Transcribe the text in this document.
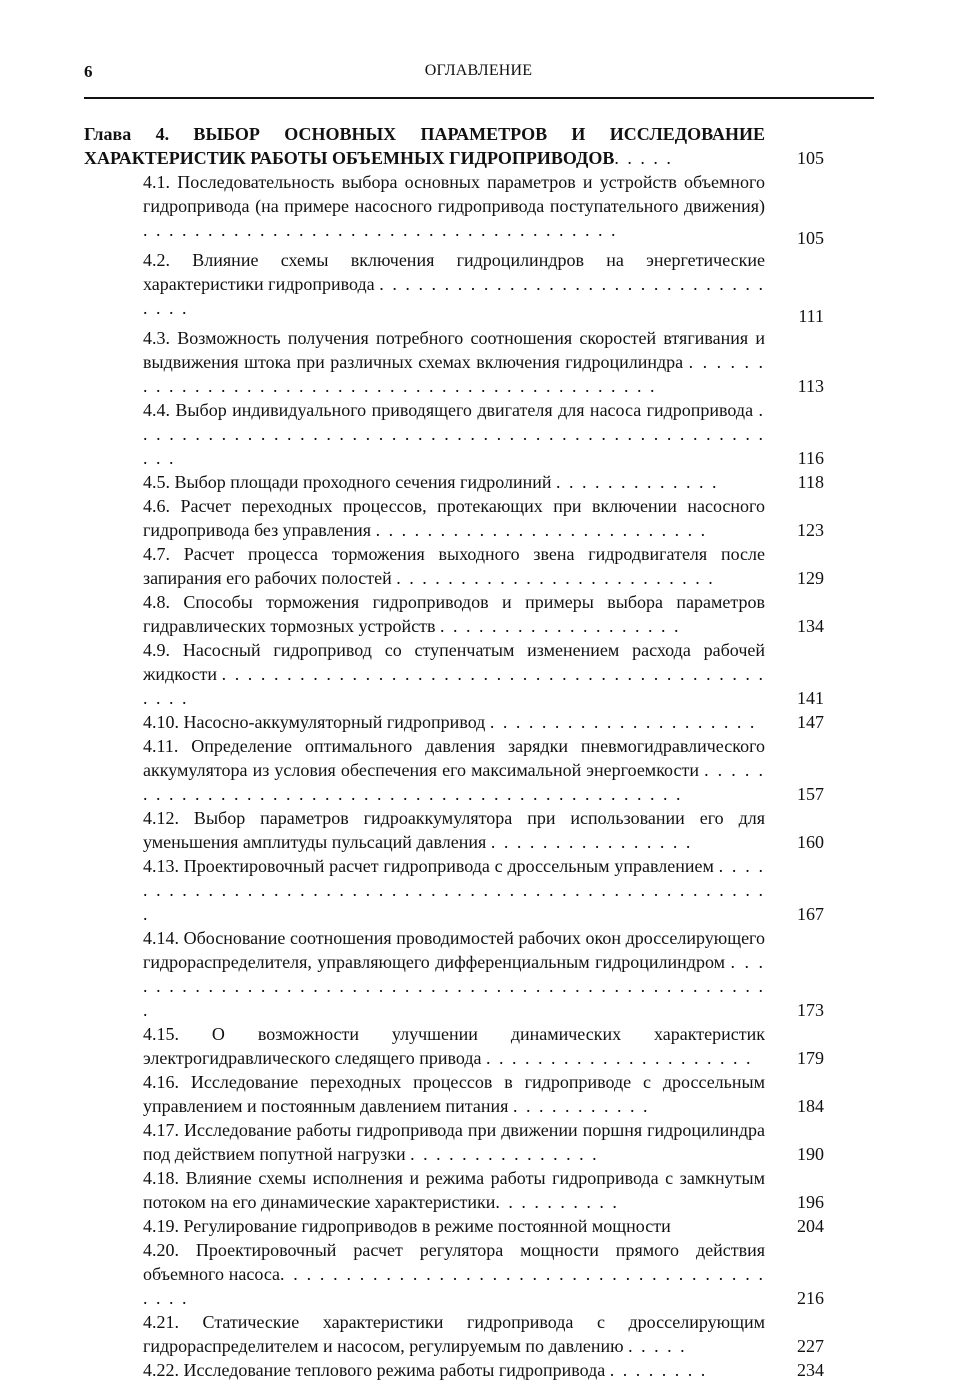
6	ОГЛАВЛЕНИЕ
Глава 4. ВЫБОР ОСНОВНЫХ ПАРАМЕТРОВ И ИССЛЕДОВАНИЕ ХАРАКТЕРИСТИК РАБОТЫ ОБЪЕМНЫХ ГИДРОПРИВОДОВ. . . . .	105
4.1. Последовательность выбора основных параметров и устройств объемного гидропривода (на примере насосного гидропривода поступательного движения) . . . . . . . . . . . . . . . . . . . . . . . . . . . . . . . . . . . . .	105
4.2. Влияние схемы включения гидроцилиндров на энергетические характеристики гидропривода . . . . . . . . . . . . . . . . . . . . . . . . . . . . . . . . . .	111
4.3. Возможность получения потребного соотношения скоростей втягивания и выдвижения штока при различных схемах включения гидроцилиндра . . . . . . . . . . . . . . . . . . . . . . . . . . . . . . . . . . . . . . . . . . . . . .	113
4.4. Выбор индивидуального приводящего двигателя для насоса гидропривода . . . . . . . . . . . . . . . . . . . . . . . . . . . . . . . . . . . . . . . . . . . . . . . . . . . .	116
4.5. Выбор площади проходного сечения гидролиний . . . . . . . . . . . . .	118
4.6. Расчет переходных процессов, протекающих при включении насосного гидропривода без управления . . . . . . . . . . . . . . . . . . . . . . . . . .	123
4.7. Расчет процесса торможения выходного звена гидродвигателя после запирания его рабочих полостей . . . . . . . . . . . . . . . . . . . . . . . . .	129
4.8. Способы торможения гидроприводов и примеры выбора параметров гидравлических тормозных устройств . . . . . . . . . . . . . . . . . . .	134
4.9. Насосный гидропривод со ступенчатым изменением расхода рабочей жидкости . . . . . . . . . . . . . . . . . . . . . . . . . . . . . . . . . . . . . . . . . . . . . .	141
4.10. Насосно-аккумуляторный гидропривод . . . . . . . . . . . . . . . . . . . . .	147
4.11. Определение оптимального давления зарядки пневмогидравлического аккумулятора из условия обеспечения его максимальной энергоемкости . . . . . . . . . . . . . . . . . . . . . . . . . . . . . . . . . . . . . . . . . . . . . . .	157
4.12. Выбор параметров гидроаккумулятора при использовании его для уменьшения амплитуды пульсаций давления . . . . . . . . . . . . . . . .	160
4.13. Проектировочный расчет гидропривода с дроссельным управлением . . . . . . . . . . . . . . . . . . . . . . . . . . . . . . . . . . . . . . . . . . . . . . . . . . . . .	167
4.14. Обоснование соотношения проводимостей рабочих окон дросселирующего гидрораспределителя, управляющего дифференциальным гидроцилиндром . . . . . . . . . . . . . . . . . . . . . . . . . . . . . . . . . . . . . . . . . . . . . . . . . . . .	173
4.15. О возможности улучшении динамических характеристик электрогидравлического следящего привода . . . . . . . . . . . . . . . . . . . . .	179
4.16. Исследование переходных процессов в гидроприводе с дроссельным управлением и постоянным давлением питания . . . . . . . . . . .	184
4.17. Исследование работы гидропривода при движении поршня гидроцилиндра под действием попутной нагрузки . . . . . . . . . . . . . . .	190
4.18. Влияние схемы исполнения и режима работы гидропривода с замкнутым потоком на его динамические характеристики. . . . . . . . . .	196
4.19. Регулирование гидроприводов в режиме постоянной мощности	204
4.20. Проектировочный расчет регулятора мощности прямого действия объемного насоса. . . . . . . . . . . . . . . . . . . . . . . . . . . . . . . . . . . . . . . . .	216
4.21. Статические характеристики гидропривода с дросселирующим гидрораспределителем и насосом, регулируемым по давлению . . . . .	227
4.22. Исследование теплового режима работы гидропривода . . . . . . . .	234
